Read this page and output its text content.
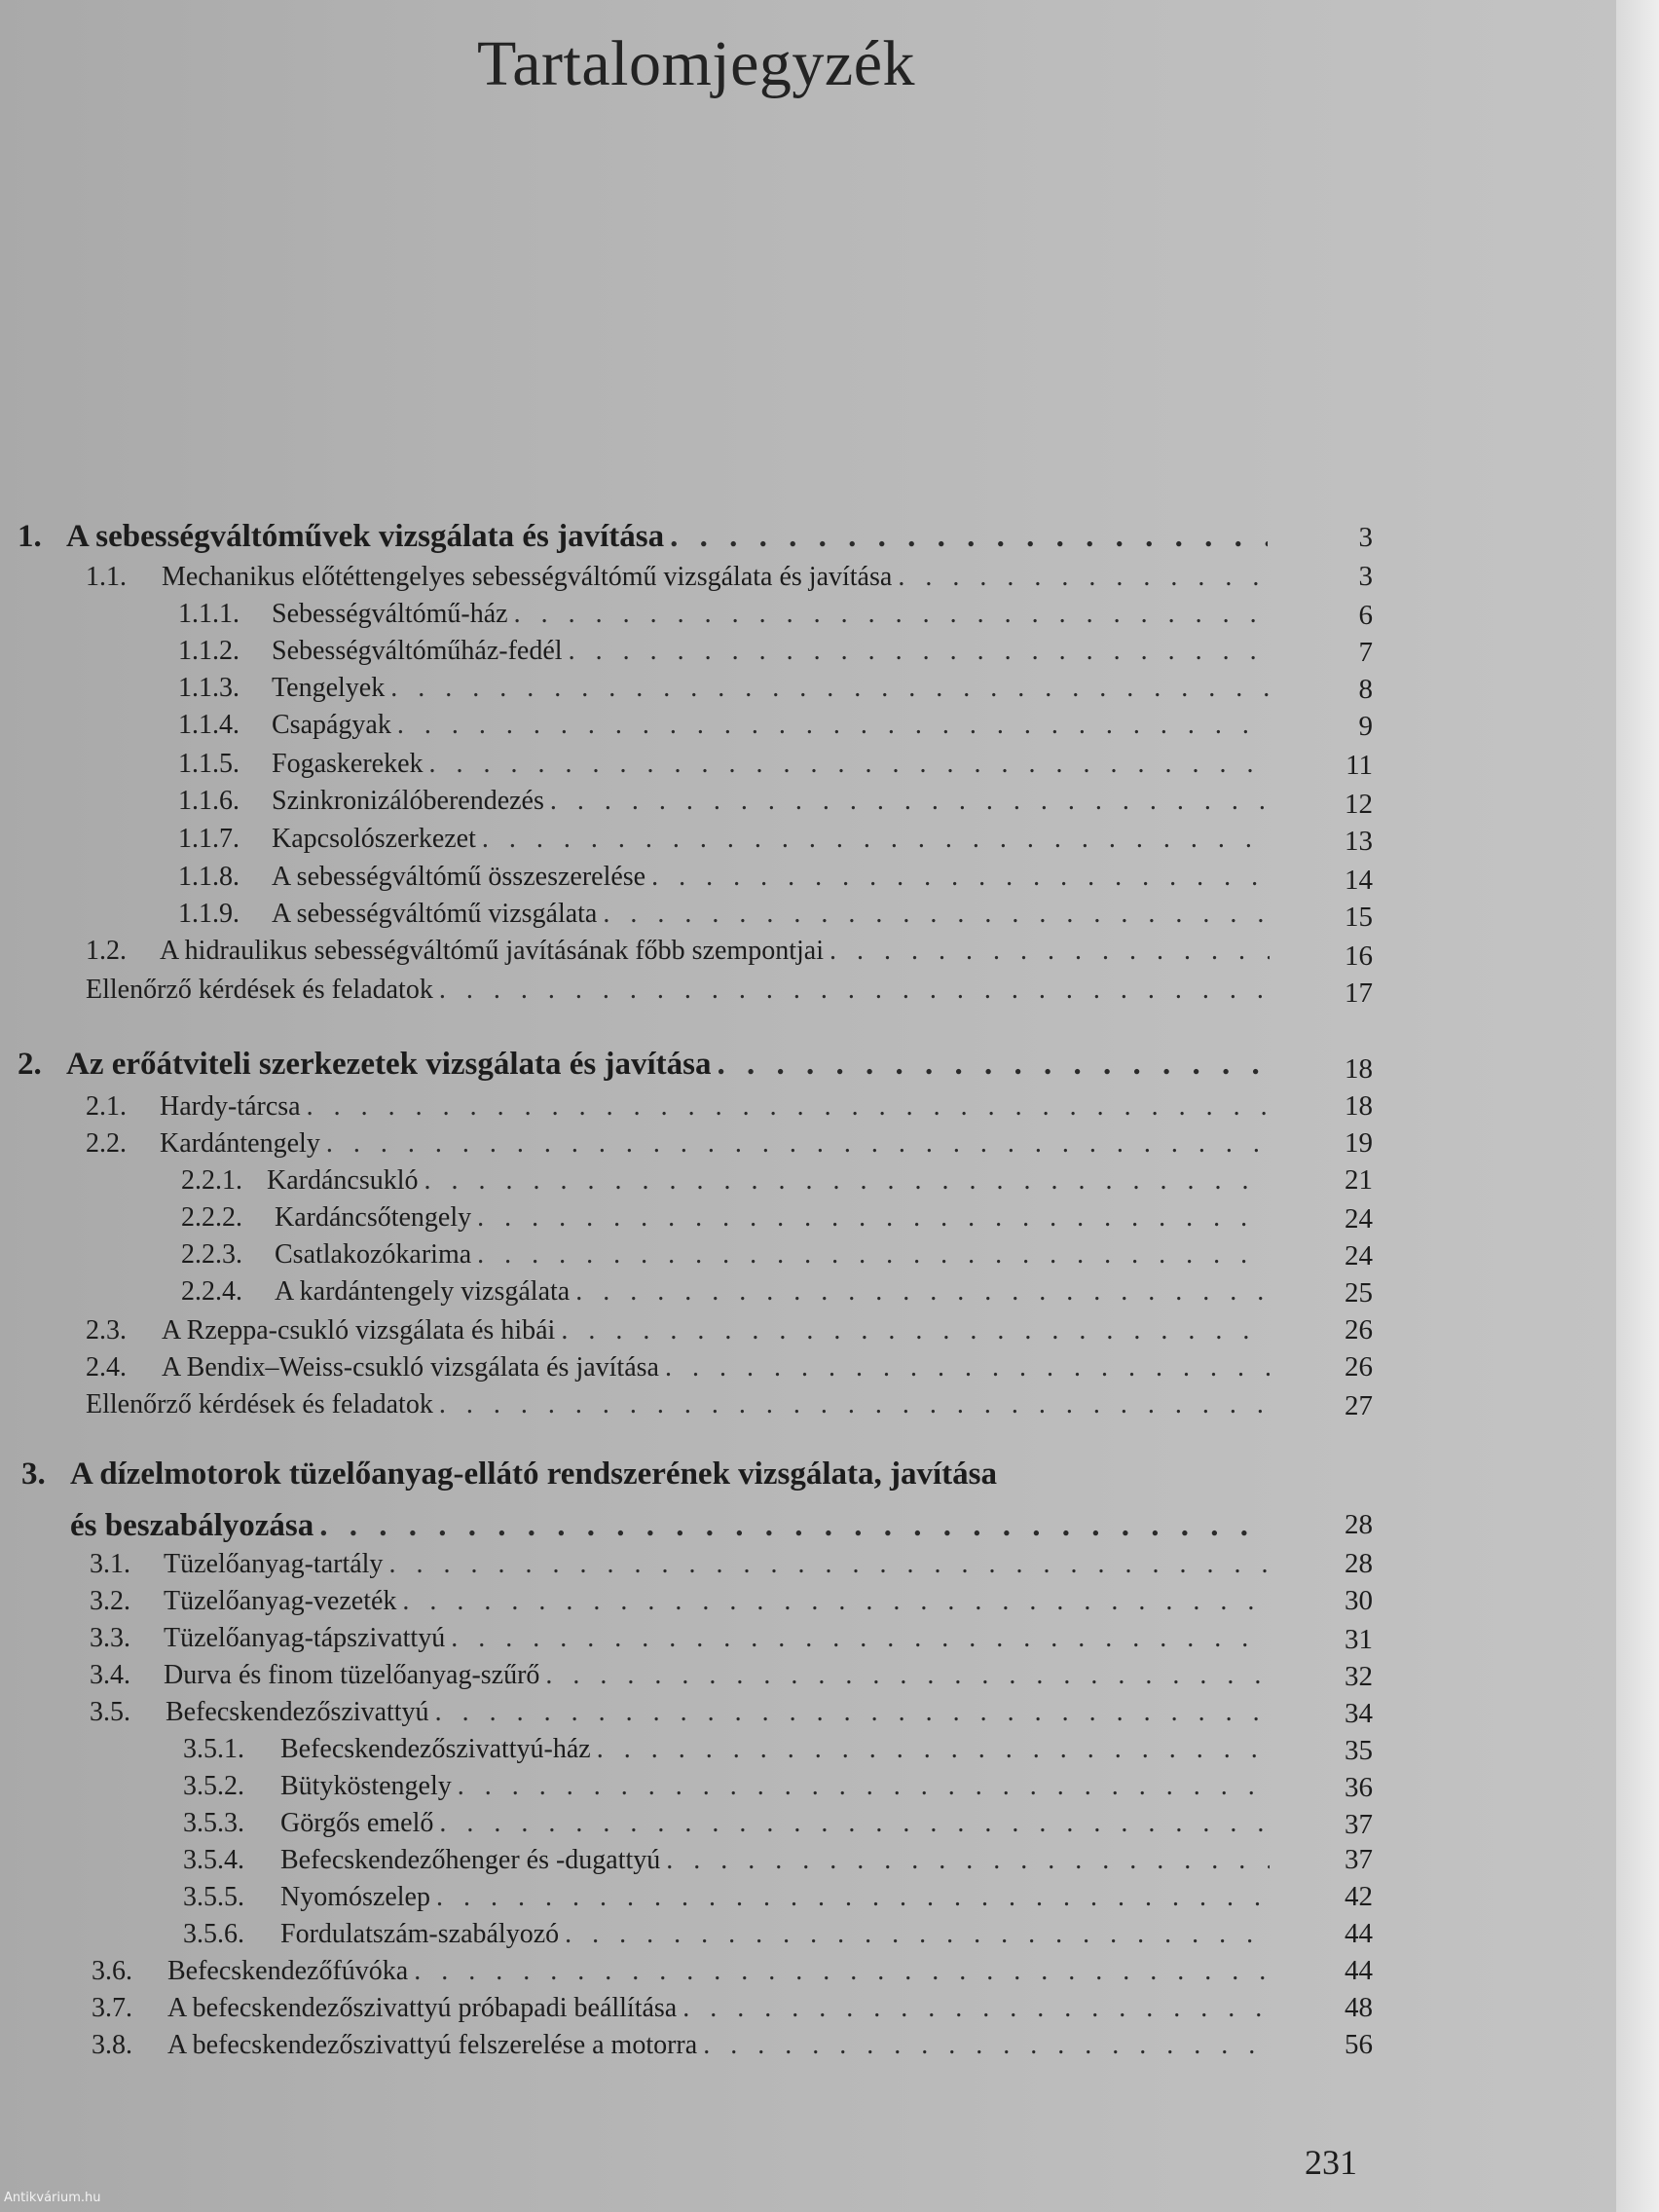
Tartalomjegyzék
1. A sebességváltóművek vizsgálata és javítása . . .	3
1.1.	Mechanikus előtéttengelyes sebességváltómű vizsgálata és javítása . . .	3
1.1.1.	Sebességváltómű-ház . . .	6
1.1.2.	Sebességváltóműház-fedél . . .	7
1.1.3.	Tengelyek . . .	8
1.1.4.	Csapágyak . . .	9
1.1.5.	Fogaskerekek . . .	11
1.1.6.	Szinkronizálóberendezés . . .	12
1.1.7.	Kapcsolószerkezet . . .	13
1.1.8.	A sebességváltómű összeszerelése . . .	14
1.1.9.	A sebességváltómű vizsgálata . . .	15
1.2.	A hidraulikus sebességváltómű javításának főbb szempontjai . . .	16
Ellenőrző kérdések és feladatok . . .	17
2. Az erőátviteli szerkezetek vizsgálata és javítása . . .	18
2.1.	Hardy-tárcsa . . .	18
2.2.	Kardántengely . . .	19
2.2.1. Kardáncsukló . . .	21
2.2.2.	Kardáncsőtengely . . .	24
2.2.3.	Csatlakozókarima . . .	24
2.2.4.	A kardántengely vizsgálata . . .	25
2.3.	A Rzeppa-csukló vizsgálata és hibái . . .	26
2.4.	A Bendix–Weiss-csukló vizsgálata és javítása . . .	26
Ellenőrző kérdések és feladatok . . .	27
3. A dízelmotorok tüzelőanyag-ellátó rendszerének vizsgálata, javítása
és beszabályozása . . .	28
3.1.	Tüzelőanyag-tartály . . .	28
3.2.	Tüzelőanyag-vezeték . . .	30
3.3.	Tüzelőanyag-tápszivattyú . . .	31
3.4.	Durva és finom tüzelőanyag-szűrő . . .	32
3.5.	Befecskendezőszivattyú . . .	34
3.5.1.	Befecskendezőszivattyú-ház . . .	35
3.5.2.	Bütyköstengely . . .	36
3.5.3.	Görgős emelő . . .	37
3.5.4.	Befecskendezőhenger és -dugattyú . . .	37
3.5.5.	Nyomószelep . . .	42
3.5.6.	Fordulatszám-szabályozó . . .	44
3.6.	Befecskendezőfúvóka . . .	44
3.7.	A befecskendezőszivattyú próbapadi beállítása . . .	48
3.8.	A befecskendezőszivattyú felszerelése a motorra . . .	56
231
Antikvárium.hu
